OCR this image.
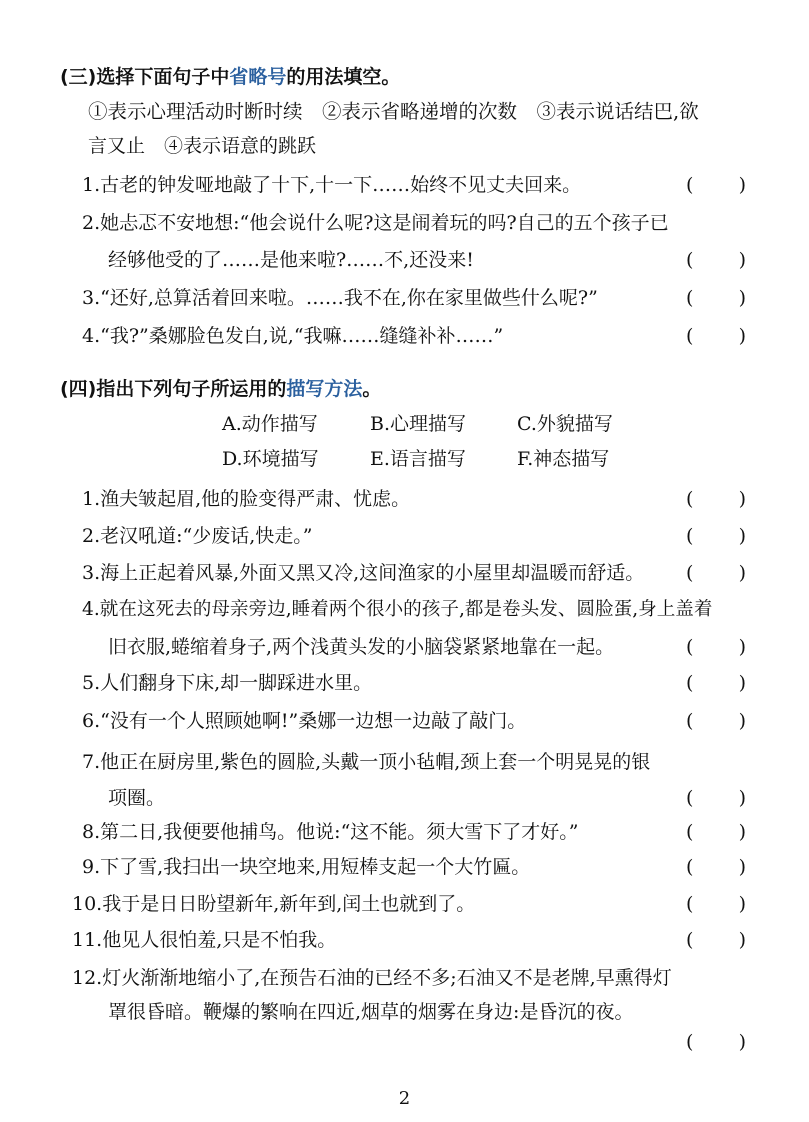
(三)选择下面句子中省略号的用法填空。
①表示心理活动时断时续　②表示省略递增的次数　③表示说话结巴,欲
言又止　④表示语意的跳跃
1.古老的钟发哑地敲了十下,十一下……始终不见丈夫回来。	( )
2.她忐忑不安地想:“他会说什么呢?这是闹着玩的吗?自己的五个孩子已
经够他受的了……是他来啦?……不,还没来!	( )
3.“还好,总算活着回来啦。……我不在,你在家里做些什么呢?”	( )
4.“我?”桑娜脸色发白,说,“我嘛……缝缝补补……”	( )
(四)指出下列句子所运用的描写方法。
A.动作描写	B.心理描写	C.外貌描写
D.环境描写	E.语言描写	F.神态描写
1.渔夫皱起眉,他的脸变得严肃、忧虑。	( )
2.老汉吼道:“少废话,快走。”	( )
3.海上正起着风暴,外面又黑又冷,这间渔家的小屋里却温暖而舒适。 ( )
4.就在这死去的母亲旁边,睡着两个很小的孩子,都是卷头发、圆脸蛋,身上盖着
旧衣服,蜷缩着身子,两个浅黄头发的小脑袋紧紧地靠在一起。	( )
5.人们翻身下床,却一脚踩进水里。	( )
6.“没有一个人照顾她啊!”桑娜一边想一边敲了敲门。	( )
7.他正在厨房里,紫色的圆脸,头戴一顶小毡帽,颈上套一个明晃晃的银
项圈。	( )
8.第二日,我便要他捕鸟。他说:“这不能。须大雪下了才好。”	( )
9.下了雪,我扫出一块空地来,用短棒支起一个大竹匾。	( )
10.我于是日日盼望新年,新年到,闰土也就到了。	( )
11.他见人很怕羞,只是不怕我。	( )
12.灯火渐渐地缩小了,在预告石油的已经不多;石油又不是老牌,早熏得灯
罩很昏暗。鞭爆的繁响在四近,烟草的烟雾在身边:是昏沉的夜。
( )
2
